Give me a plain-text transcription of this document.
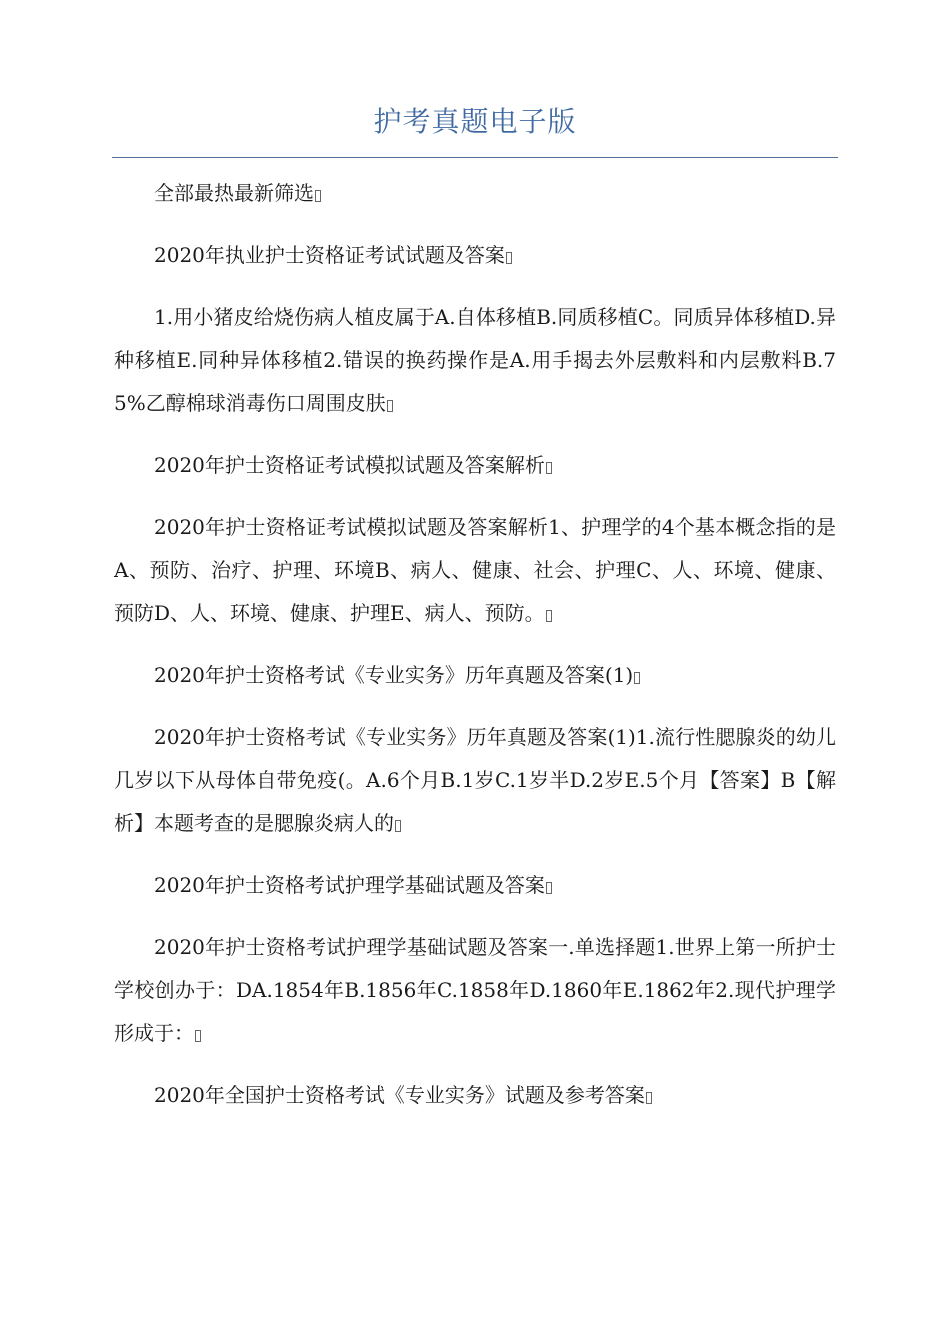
护考真题电子版

全部最热最新筛选

2020年执业护士资格证考试试题及答案

1.用小猪皮给烧伤病人植皮属于A.自体移植B.同质移植C。同质异体移植D.异种移植E.同种异体移植2.错误的换药操作是A.用手揭去外层敷料和内层敷料B.75%乙醇棉球消毒伤口周围皮肤

2020年护士资格证考试模拟试题及答案解析

2020年护士资格证考试模拟试题及答案解析1、护理学的4个基本概念指的是A、预防、治疗、护理、环境B、病人、健康、社会、护理C、人、环境、健康、预防D、人、环境、健康、护理E、病人、预防。

2020年护士资格考试《专业实务》历年真题及答案(1)

2020年护士资格考试《专业实务》历年真题及答案(1)1.流行性腮腺炎的幼儿几岁以下从母体自带免疫(。A.6个月B.1岁C.1岁半D.2岁E.5个月【答案】B【解析】本题考查的是腮腺炎病人的

2020年护士资格考试护理学基础试题及答案

2020年护士资格考试护理学基础试题及答案一.单选择题1.世界上第一所护士学校创办于：DA.1854年B.1856年C.1858年D.1860年E.1862年2.现代护理学形成于：

2020年全国护士资格考试《专业实务》试题及参考答案
